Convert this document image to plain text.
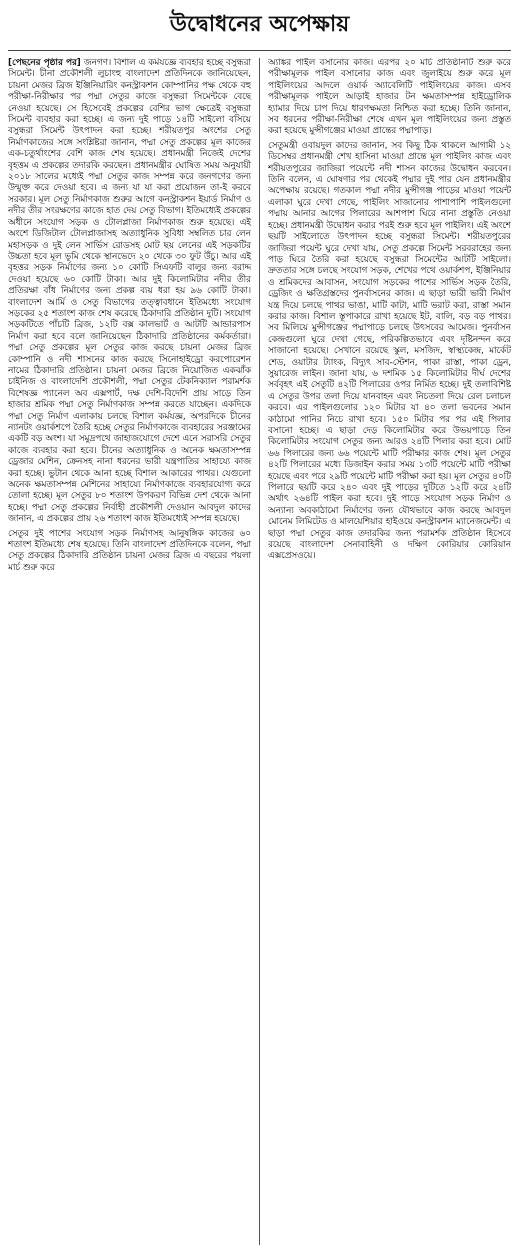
উদ্বোধনের অপেক্ষায়

[পেছনের পৃষ্ঠার পর] জনগণ। বিশাল এ কর্মযজ্ঞে ব্যবহার হচ্ছে বসুন্ধরা সিমেন্ট। চীনা প্রকৌশলী লুচাংহু বাংলাদেশ প্রতিদিনকে জানিয়েছেন, চায়না মেজর ব্রিজ ইঞ্জিনিয়ারিং কনস্ট্রাকশন কোম্পানির পক্ষ থেকে বহু পরীক্ষা-নিরীক্ষার পর পদ্মা সেতুর কাজে বসুন্ধরা সিমেন্টকে বেছে নেওয়া হয়েছে। সে হিসেবেই প্রকল্পের বেশির ভাগ ক্ষেত্রেই বসুন্ধরা সিমেন্ট ব্যবহার করা হচ্ছে। এ জন্য দুই পাড়ে ১৪টি সাইলো বসিয়ে বসুন্ধরা সিমেন্ট উৎপাদন করা হচ্ছে। শরীয়তপুর অংশের সেতু নির্মাণকাজের সঙ্গে সংশ্লিষ্টরা জানান, পদ্মা সেতু প্রকল্পের মূল কাজের এক-চতুর্থাংশের বেশি কাজ শেষ হয়েছে। প্রধানমন্ত্রী নিজেই দেশের বৃহত্তম এ প্রকল্পের তদারকি করছেন। প্রধানমন্ত্রীর ঘোষিত সময় অনুযায়ী ২০১৮ সালের মধ্যেই পদ্মা সেতুর কাজ সম্পন্ন করে জনগণের জন্য উন্মুক্ত করে দেওয়া হবে। এ জন্য যা যা করা প্রয়োজন তা-ই করবে সরকার। মূল সেতু নির্মাণকাজ শুরুর আগে কনস্ট্রাকশন ইয়ার্ড নির্মাণ ও নদীর তীর সংরক্ষণের কাজে হাত দেয় সেতু বিভাগ। ইতিমধ্যেই প্রকল্পের অধীনে সংযোগ সড়ক ও টোলপ্লাজা নির্মাণকাজ শুরু হয়েছে। এই অংশে ডিজিটাল টোলপ্লাজাসহ অত্যাধুনিক সুবিধা সম্বলিত চার লেন মহাসড়ক ও দুই লেন সার্ভিস রোডসহ মোট ছয় লেনের এই সড়কটির উচ্চতা হবে মূল ভূমি থেকে স্থানভেদে ২০ থেকে ৩০ ফুট উঁচু। আর এই বৃহত্তর সড়ক নির্মাণের জন্য ১০ কোটি সিএফটি বালুর জন্য বরাদ্দ দেওয়া হয়েছে ৬০ কোটি টাকা। আর দুই কিলোমিটার নদীর তীর প্রতিরক্ষা বাঁধ নির্মাণের জন্য প্রকল্প ব্যয় ধরা হয় ৯৬ কোটি টাকা। বাংলাদেশ আর্মি ও সেতু বিভাগের তত্ত্বাবধানে ইতিমধ্যে সংযোগ সড়কের ২৫ শতাংশ কাজ শেষ করেছে ঠিকাদারি প্রতিষ্ঠান দুটি। সংযোগ সড়কটিতে পাঁচটি ব্রিজ, ১২টি বক্স কালভার্ট ও আটটি আন্ডারপাস নির্মাণ করা হবে বলে জানিয়েছেন ঠিকাদারি প্রতিষ্ঠানের কর্মকর্তারা। পদ্মা সেতু প্রকল্পের মূল সেতুর কাজ করছে চায়না মেজর ব্রিজ কোম্পানি ও নদী শাসনের কাজ করছে সিনোহাইড্রো করপোরেশন নামের ঠিকাদারি প্রতিষ্ঠান। চায়না মেজর ব্রিজে নিয়োজিত একঝাঁক চাইনিজ ও বাংলাদেশি প্রকৌশলী, পদ্মা সেতুর টেকনিক্যাল পরামর্শক বিশেষজ্ঞ প্যানেল অব এক্সপার্ট, দক্ষ দেশি-বিদেশি প্রায় সাড়ে তিন হাজার শ্রমিক পদ্মা সেতু নির্মাণকাজ সম্পন্ন করতে যাচ্ছেন। একদিকে পদ্মা সেতু নির্মাণ এলাকায় চলছে বিশাল কর্মযজ্ঞ, অপরদিকে চীনের ন্যানটং ওয়ার্কশপে তৈরি হচ্ছে সেতুর নির্মাণকাজে ব্যবহারের সরঞ্জামের একটি বড় অংশ। যা সমুদ্রপথে জাহাজযোগে দেশে এনে সরাসরি সেতুর কাজে ব্যবহার করা হবে। চীনের অত্যাধুনিক ও অনেক ক্ষমতাসম্পন্ন ড্রেজার মেশিন, ক্রেনসহ নানা ধরনের ভারী যন্ত্রপাতির সাহায্যে কাজ করা হচ্ছে। ভুটান থেকে আনা হচ্ছে বিশাল আকারের পাথর। যেগুলো অনেক ক্ষমতাসম্পন্ন মেশিনের সাহায্যে নির্মাণকাজে ব্যবহারযোগ্য করে তোলা হচ্ছে। মূল সেতুর ৮০ শতাংশ উপকরণ বিভিন্ন দেশ থেকে আনা হচ্ছে। পদ্মা সেতু প্রকল্পের নির্বাহী প্রকৌশলী দেওয়ান আবদুল কাদের জানান, এ প্রকল্পের প্রায় ২৬ শতাংশ কাজ ইতিমধ্যেই সম্পন্ন হয়েছে।

সেতুর দুই পাশের সংযোগ সড়ক নির্মাণসহ আনুষঙ্গিক কাজের ৬০ শতাংশ ইতিমধ্যে শেষ হয়েছে। তিনি বাংলাদেশ প্রতিদিনকে বলেন, পদ্মা সেতু প্রকল্পের ঠিকাদারি প্রতিষ্ঠান চায়না মেজর ব্রিজ এ বছরের পয়লা মার্চ শুরু করে

অ্যাঙ্কর পাইল বসানোর কাজ। এরপর ২০ মার্চ প্রতিষ্ঠানটি শুরু করে পরীক্ষামূলক পাইল বসানোর কাজ এবং জুলাইয়ে শুরু করে মূল পাইলিংয়ের আদলে ওয়ার্ক অ্যাবেলিটি পাইলিংয়ের কাজ। এসব পরীক্ষামূলক পাইলে আড়াই হাজার টন ক্ষমতাসম্পন্ন হাইড্রোলিক হ্যামার দিয়ে চাপ দিয়ে ধারণক্ষমতা নিশ্চিত করা হচ্ছে। তিনি জানান, সব ধরনের পরীক্ষা-নিরীক্ষা শেষে এখন মূল পাইলিংয়ের জন্য প্রস্তুত করা হয়েছে মুন্সীগঞ্জের মাওয়া প্রান্তের পদ্মাপাড়।

সেতুমন্ত্রী ওবায়দুল কাদের জানান, সব কিছু ঠিক থাকলে আগামী ১২ ডিসেম্বর প্রধানমন্ত্রী শেখ হাসিনা মাওয়া প্রান্তে মূল পাইলিং কাজ এবং শরীয়তপুরের জাজিরা পয়েন্টে নদী শাসন কাজের উদ্বোধন করবেন। তিনি বলেন, এ ঘোষণার পর থেকেই পদ্মার দুই পার যেন প্রধানমন্ত্রীর অপেক্ষায় রয়েছে। গতকাল পদ্মা নদীর মুন্সীগঞ্জ পাড়ের মাওয়া পয়েন্ট এলাকা ঘুরে দেখা গেছে, পাইলিং সাজানোর পাশাপাশি পাইলগুলো পদ্মায় আনার আগের পিলারের আশপাশ ঘিরে নানা প্রস্তুতি নেওয়া হচ্ছে। প্রধানমন্ত্রী উদ্বোধন করার পরই শুরু হবে মূল পাইলিং। এই অংশে ছয়টি সাইলোতে উৎপাদন হচ্ছে বসুন্ধরা সিমেন্ট। শরীয়তপুরের জাজিরা পয়েন্ট ঘুরে দেখা যায়, সেতু প্রকল্পে সিমেন্ট সরবরাহের জন্য পাড় ঘিরে তৈরি করা হয়েছে বসুন্ধরা সিমেন্টের আটটি সাইলো। দ্রুততার সঙ্গে চলছে সংযোগ সড়ক, শেখের পথে ওয়ার্কশপ, ইঞ্জিনিয়ার ও শ্রমিকদের আবাসন, সংযোগ সড়কের পাশের সার্ভিস সড়ক তৈরি, ড্রেজিং ও ক্ষতিগ্রস্তদের পুনর্বাসনের কাজ। এ ছাড়া ভারী ভারী নির্মাণ যন্ত্র দিয়ে চলছে পাথর ভাঙা, মাটি কাটা, মাটি ভরাট করা, রাস্তা সমান করার কাজ। বিশাল স্তূপাকারে রাখা হয়েছে ইট, বালি, বড় বড় পাথর। সব মিলিয়ে মুন্সীগঞ্জের পদ্মাপাড়ে চলছে উৎসবের আমেজ। পুনর্বাসন কেন্দ্রগুলো ঘুরে দেখা গেছে, পরিকল্পিতভাবে এবং দৃষ্টিনন্দন করে সাজানো হয়েছে। সেখানে রয়েছে স্কুল, মসজিদ, স্বাস্থ্যকেন্দ্র, মার্কেট শেড, ওয়াটার ট্যাংক, বিদ্যুৎ সাব-স্টেশন, পাকা রাস্তা, পাকা ড্রেন, সুয়ারেজ লাইন। জানা যায়, ৬ দশমিক ১৫ কিলোমিটার দীর্ঘ দেশের সর্ববৃহৎ এই সেতুটি ৪২টি পিলারের ওপর নির্মিত হচ্ছে। দুই তলাবিশিষ্ট এ সেতুর উপর তলা দিয়ে যানবাহন এবং নিচতলা দিয়ে রেল চলাচল করবে। এর পাইলগুলোর ১২০ মিটার যা ৪০ তলা ভবনের সমান কাঠামো পানির নিচে রাখা হবে। ১৫০ মিটার পর পর এই পিলার বসানো হচ্ছে। এ ছাড়া দেড় কিলোমিটার করে উভয়পাড়ে তিন কিলোমিটার সংযোগ সেতুর জন্য আরও ২৪টি পিলার করা হবে। মোট ৬৬ পিলারের জন্য ৬৬ পয়েন্টে মাটি পরীক্ষার কাজ শেষ। মূল সেতুর ৪২টি পিলারের মধ্যে ডিজাইন করার সময় ১৩টি পয়েন্টে মাটি পরীক্ষা হয়েছে এবং পরে ২৯টি পয়েন্টে মাটি পরীক্ষা করা হয়। মূল সেতুর ৪০টি পিলারে ছয়টি করে ২৪০ এবং দুই পাড়ের দুটিতে ১২টি করে ২৪টি অর্থাৎ ২৬৪টি পাইল করা হবে। দুই পাড়ে সংযোগ সড়ক নির্মাণ ও অন্যান্য অবকাঠামো নির্মাণের জন্য যৌথভাবে কাজ করছে আবদুল মোনেম লিমিটেড ও মালয়েশিয়ার হাইওয়ে কনস্ট্রাকশন ম্যানেজমেন্ট। এ ছাড়া পদ্মা সেতুর কাজ তদারকির জন্য পরামর্শক প্রতিষ্ঠান হিসেবে রয়েছে বাংলাদেশ সেনাবাহিনী ও দক্ষিণ কোরিয়ার কোরিয়ান এক্সপ্রেসওয়ে।
